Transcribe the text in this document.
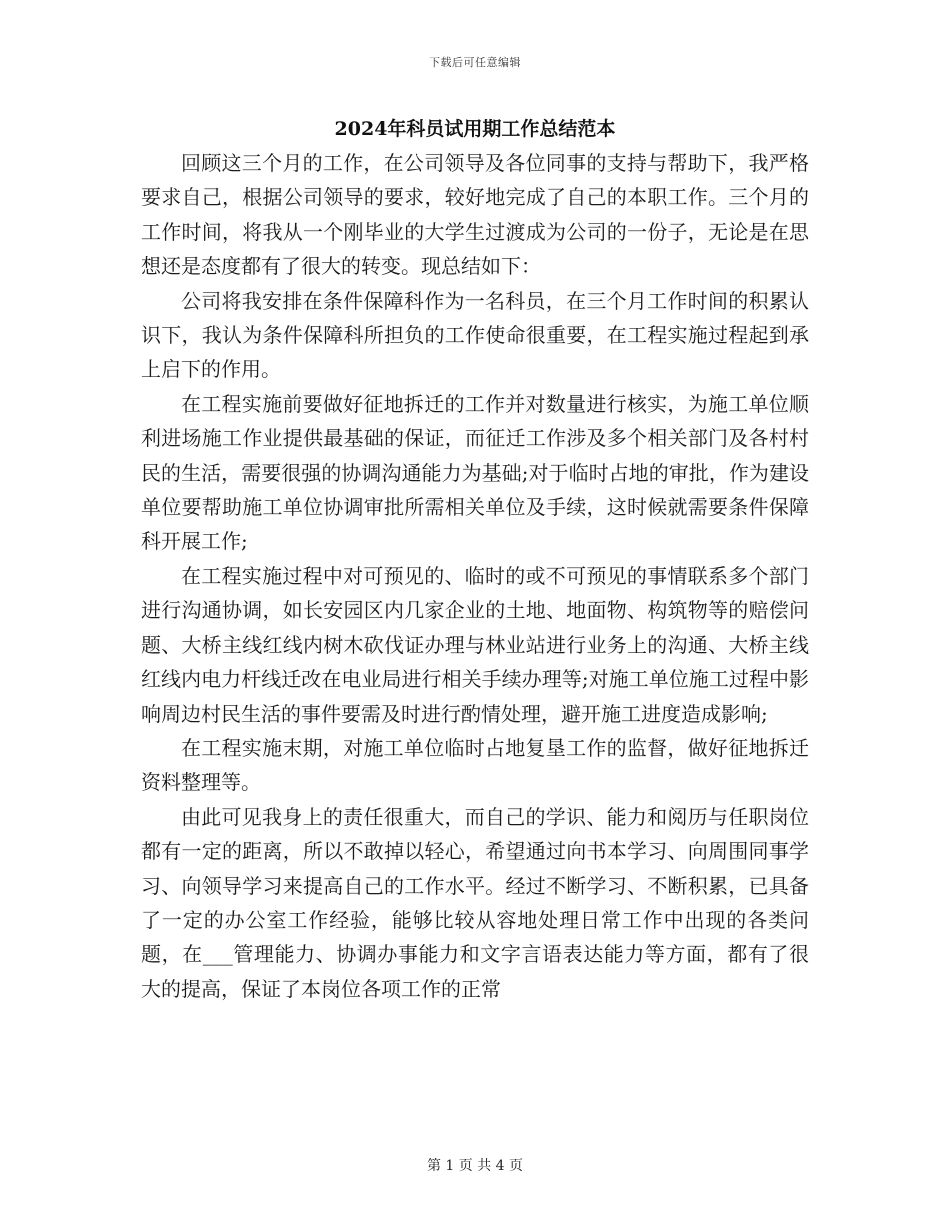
下载后可任意编辑
2024年科员试用期工作总结范本

回顾这三个月的工作，在公司领导及各位同事的支持与帮助下，我严格要求自己，根据公司领导的要求，较好地完成了自己的本职工作。三个月的工作时间，将我从一个刚毕业的大学生过渡成为公司的一份子，无论是在思想还是态度都有了很大的转变。现总结如下：

公司将我安排在条件保障科作为一名科员，在三个月工作时间的积累认识下，我认为条件保障科所担负的工作使命很重要，在工程实施过程起到承上启下的作用。

在工程实施前要做好征地拆迁的工作并对数量进行核实，为施工单位顺利进场施工作业提供最基础的保证，而征迁工作涉及多个相关部门及各村村民的生活，需要很强的协调沟通能力为基础;对于临时占地的审批，作为建设单位要帮助施工单位协调审批所需相关单位及手续，这时候就需要条件保障科开展工作;

在工程实施过程中对可预见的、临时的或不可预见的事情联系多个部门进行沟通协调，如长安园区内几家企业的土地、地面物、构筑物等的赔偿问题、大桥主线红线内树木砍伐证办理与林业站进行业务上的沟通、大桥主线红线内电力杆线迁改在电业局进行相关手续办理等;对施工单位施工过程中影响周边村民生活的事件要需及时进行酌情处理，避开施工进度造成影响;

在工程实施末期，对施工单位临时占地复垦工作的监督，做好征地拆迁资料整理等。

由此可见我身上的责任很重大，而自己的学识、能力和阅历与任职岗位都有一定的距离，所以不敢掉以轻心，希望通过向书本学习、向周围同事学习、向领导学习来提高自己的工作水平。经过不断学习、不断积累，已具备了一定的办公室工作经验，能够比较从容地处理日常工作中出现的各类问题，在___管理能力、协调办事能力和文字言语表达能力等方面，都有了很大的提高，保证了本岗位各项工作的正常

第 1 页 共 4 页
